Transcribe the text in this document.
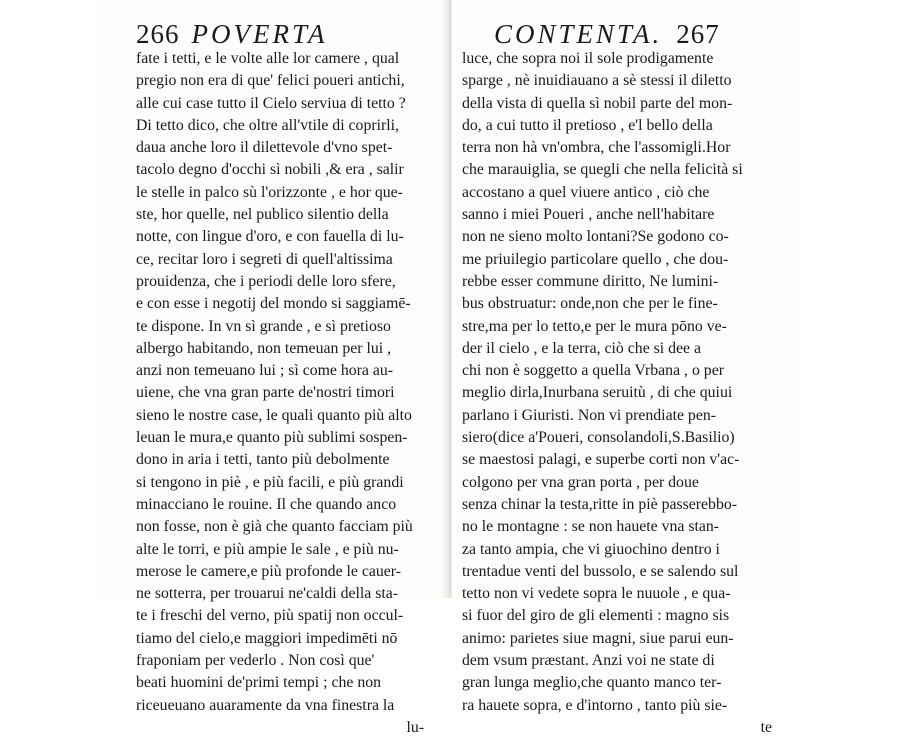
266 POVERTA
fate i tetti, e le volte alle lor camere , qual
pregio non era di que' felici poueri antichi,
alle cui case tutto il Cielo serviua di tetto ?
Di tetto dico, che oltre all'vtile di coprirli,
daua anche loro il dilettevole d'vno spet-
tacolo degno d'occhi sì nobili ,& era , salir
le stelle in palco sù l'orizzonte , e hor que-
ste, hor quelle, nel publico silentio della
notte, con lingue d'oro, e con fauella di lu-
ce, recitar loro i segreti di quell'altissima
prouidenza, che i periodi delle loro sfere,
e con esse i negotij del mondo si saggiamē-
te dispone. In vn sì grande , e sì pretioso
albergo habitando, non temeuan per lui ,
anzi non temeuano lui ; sì come hora au-
uiene, che vna gran parte de'nostri timori
sieno le nostre case, le quali quanto più alto
leuan le mura,e quanto più sublimi sospen-
dono in aria i tetti, tanto più debolmente
si tengono in piè , e più facili, e più grandi
minacciano le rouine. Il che quando anco
non fosse, non è già che quanto facciam più
alte le torri, e più ampie le sale , e più nu-
merose le camere,e più profonde le cauer-
ne sotterra, per trouarui ne'caldi della sta-
te i freschi del verno, più spatij non occul-
tiamo del cielo,e maggiori impedimēti nō
fraponiam per vederlo . Non così que'
beati huomini de'primi tempi ; che non
riceueuano auaramente da vna finestra la
lu-
CONTENTA. 267
luce, che sopra noi il sole prodigamente
sparge , nè inuidiauano a sè stessi il diletto
della vista di quella sì nobil parte del mon-
do, a cui tutto il pretioso , e'l bello della
terra non hà vn'ombra, che l'assomigli.Hor
che marauiglia, se quegli che nella felicità si
accostano a quel viuere antico , ciò che
sanno i miei Poueri , anche nell'habitare
non ne sieno molto lontani?Se godono co-
me priuilegio particolare quello , che dou-
rebbe esser commune diritto, Ne lumini-
bus obstruatur: onde,non che per le fine-
stre,ma per lo tetto,e per le mura pōno ve-
der il cielo , e la terra, ciò che si dee a
chi non è soggetto a quella Vrbana , o per
meglio dirla,Inurbana seruitù , di che quiui
parlano i Giuristi. Non vi prendiate pen-
siero(dice a'Poueri, consolandoli,S.Basilio)
se maestosi palagi, e superbe corti non v'ac-
colgono per vna gran porta , per doue
senza chinar la testa,ritte in piè passerebbo-
no le montagne : se non hauete vna stan-
za tanto ampia, che vi giuochino dentro i
trentadue venti del bussolo, e se salendo sul
tetto non vi vedete sopra le nuuole , e qua-
si fuor del giro de gli elementi : magno sis
animo: parietes siue magni, siue parui eun-
dem vsum præstant. Anzi voi ne state di
gran lunga meglio,che quanto manco ter-
ra hauete sopra, e d'intorno , tanto più sie-
te
